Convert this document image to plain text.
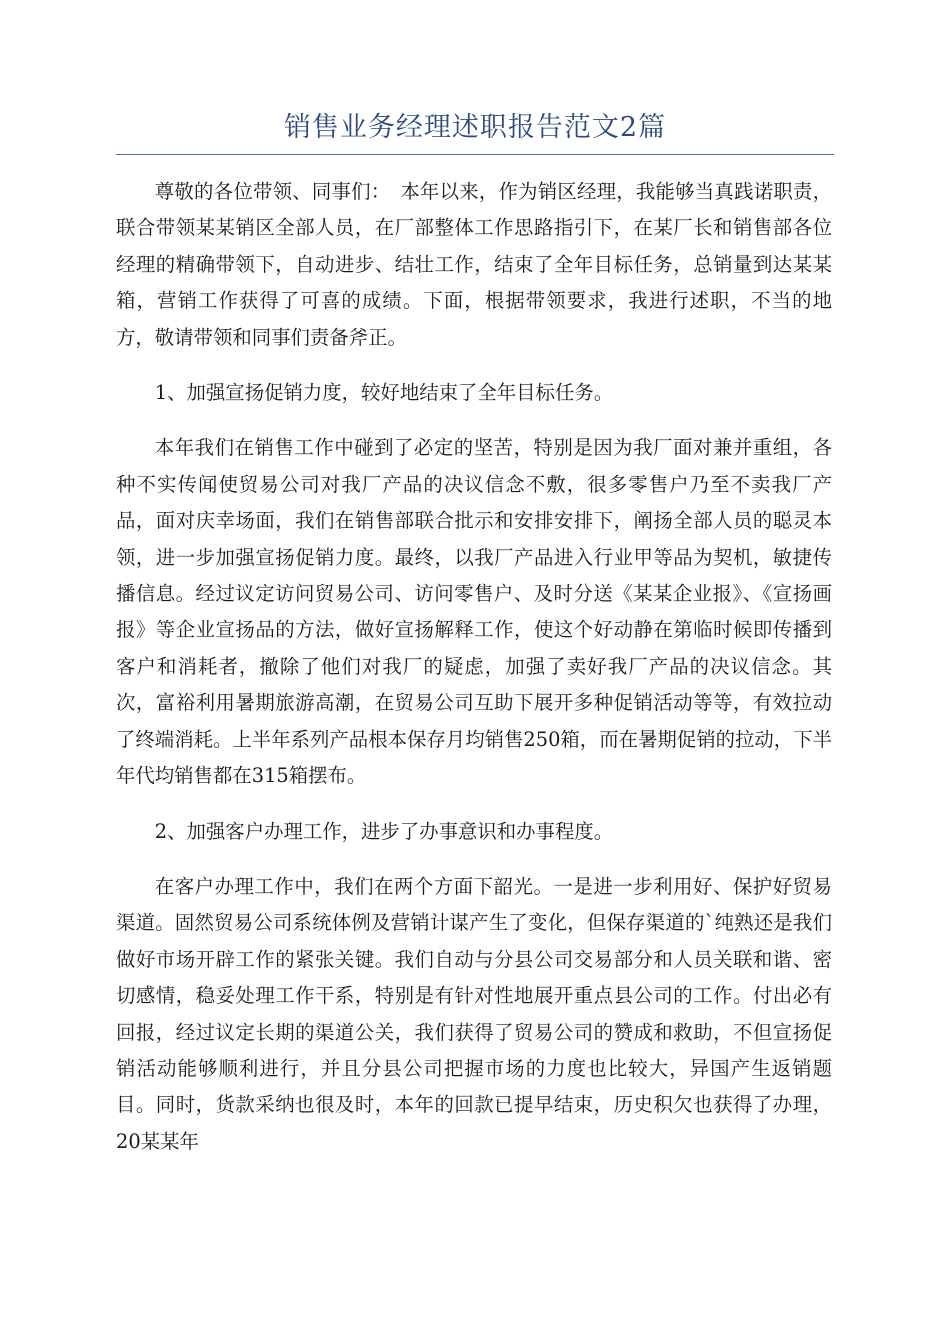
销售业务经理述职报告范文2篇

尊敬的各位带领、同事们：　本年以来，作为销区经理，我能够当真践诺职责，联合带领某某销区全部人员，在厂部整体工作思路指引下，在某厂长和销售部各位经理的精确带领下，自动进步、结壮工作，结束了全年目标任务，总销量到达某某箱，营销工作获得了可喜的成绩。下面，根据带领要求，我进行述职，不当的地方，敬请带领和同事们责备斧正。

1、加强宣扬促销力度，较好地结束了全年目标任务。

本年我们在销售工作中碰到了必定的坚苦，特别是因为我厂面对兼并重组，各种不实传闻使贸易公司对我厂产品的决议信念不敷，很多零售户乃至不卖我厂产品，面对庆幸场面，我们在销售部联合批示和安排安排下，阐扬全部人员的聪灵本领，进一步加强宣扬促销力度。最终，以我厂产品进入行业甲等品为契机，敏捷传播信息。经过议定访问贸易公司、访问零售户、及时分送《某某企业报》、《宣扬画报》等企业宣扬品的方法，做好宣扬解释工作，使这个好动静在第临时候即传播到客户和消耗者，撤除了他们对我厂的疑虑，加强了卖好我厂产品的决议信念。其次，富裕利用暑期旅游高潮，在贸易公司互助下展开多种促销活动等等，有效拉动了终端消耗。上半年系列产品根本保存月均销售250箱，而在暑期促销的拉动，下半年代均销售都在315箱摆布。

2、加强客户办理工作，进步了办事意识和办事程度。

在客户办理工作中，我们在两个方面下韶光。一是进一步利用好、保护好贸易渠道。固然贸易公司系统体例及营销计谋产生了变化，但保存渠道的`纯熟还是我们做好市场开辟工作的紧张关键。我们自动与分县公司交易部分和人员关联和谐、密切感情，稳妥处理工作干系，特别是有针对性地展开重点县公司的工作。付出必有回报，经过议定长期的渠道公关，我们获得了贸易公司的赞成和救助，不但宣扬促销活动能够顺利进行，并且分县公司把握市场的力度也比较大，异国产生返销题目。同时，货款采纳也很及时，本年的回款已提早结束，历史积欠也获得了办理，20某某年
